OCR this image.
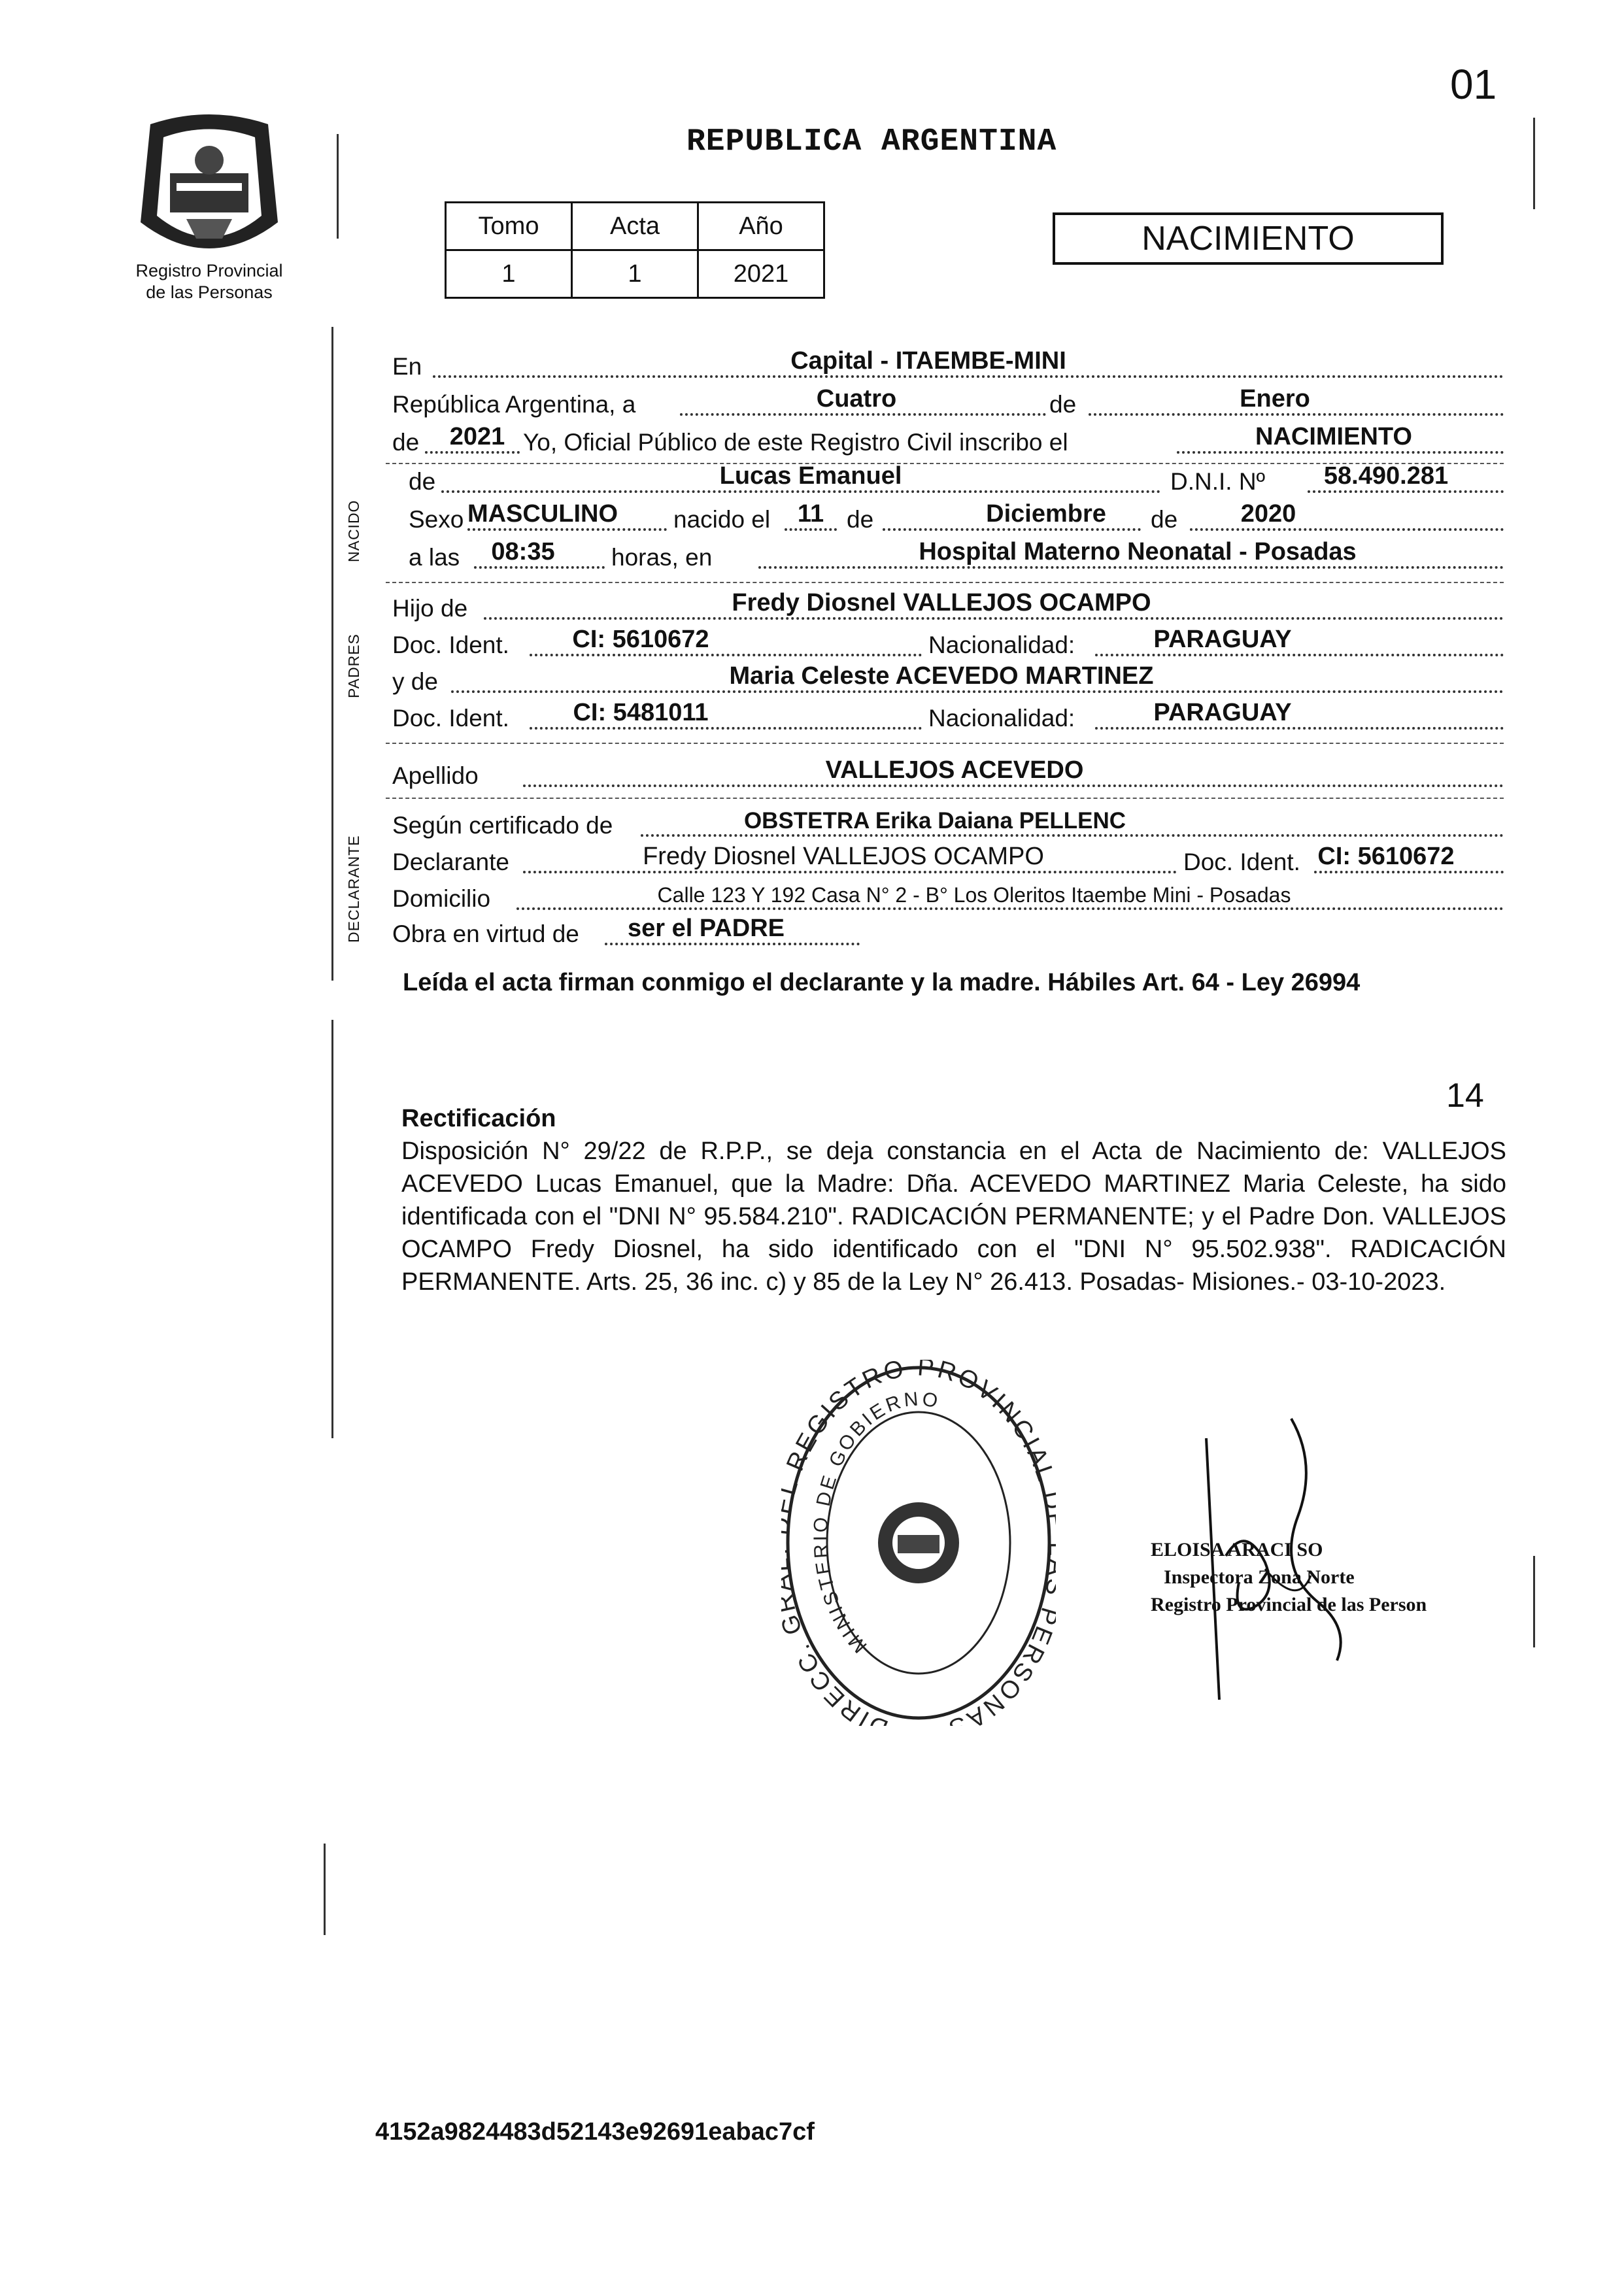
01
Registro Provincial
de las Personas
REPUBLICA ARGENTINA
Tomo	Acta	Año
1	1	2021
NACIMIENTO
NACIDO
PADRES
DECLARANTE
En	Capital - ITAEMBE-MINI
República Argentina, a	Cuatro	de	Enero
de 2021 Yo, Oficial Público de este Registro Civil inscribo el	NACIMIENTO
de	Lucas Emanuel	D.N.I. Nº 58.490.281
Sexo MASCULINO nacido el 11 de	Diciembre de	2020
a las 08:35 horas, en	Hospital Materno Neonatal - Posadas
Hijo de	Fredy Diosnel VALLEJOS OCAMPO
Doc. Ident.	CI: 5610672	Nacionalidad:	PARAGUAY
y de	Maria Celeste ACEVEDO MARTINEZ
Doc. Ident.	CI: 5481011	Nacionalidad:	PARAGUAY
Apellido	VALLEJOS ACEVEDO
Según certificado de	OBSTETRA Erika Daiana PELLENC
Declarante	Fredy Diosnel VALLEJOS OCAMPO	Doc. Ident. CI: 5610672
Domicilio	Calle 123 Y 192 Casa N° 2 - B° Los Oleritos Itaembe Mini - Posadas
Obra en virtud de ser el PADRE
Leída el acta firman conmigo el declarante y la madre. Hábiles Art. 64 - Ley 26994
14
Rectificación
Disposición N° 29/22 de R.P.P., se deja constancia en el Acta de Nacimiento de: VALLEJOS ACEVEDO Lucas Emanuel, que la Madre: Dña. ACEVEDO MARTINEZ Maria Celeste, ha sido identificada con el "DNI N° 95.584.210". RADICACIÓN PERMANENTE; y el Padre Don. VALLEJOS OCAMPO Fredy Diosnel, ha sido identificado con el "DNI N° 95.502.938". RADICACIÓN PERMANENTE. Arts. 25, 36 inc. c) y 85 de la Ley N° 26.413. Posadas- Misiones.- 03-10-2023.
DIRECC. REGISTRO PROVINCIA ERSONA
MINISTERIO DE GOBIERNO
ELOISA ARACI SO
Inspectora Zona Norte
Registro Provincial de las Person
4152a9824483d52143e92691eabac7cf
